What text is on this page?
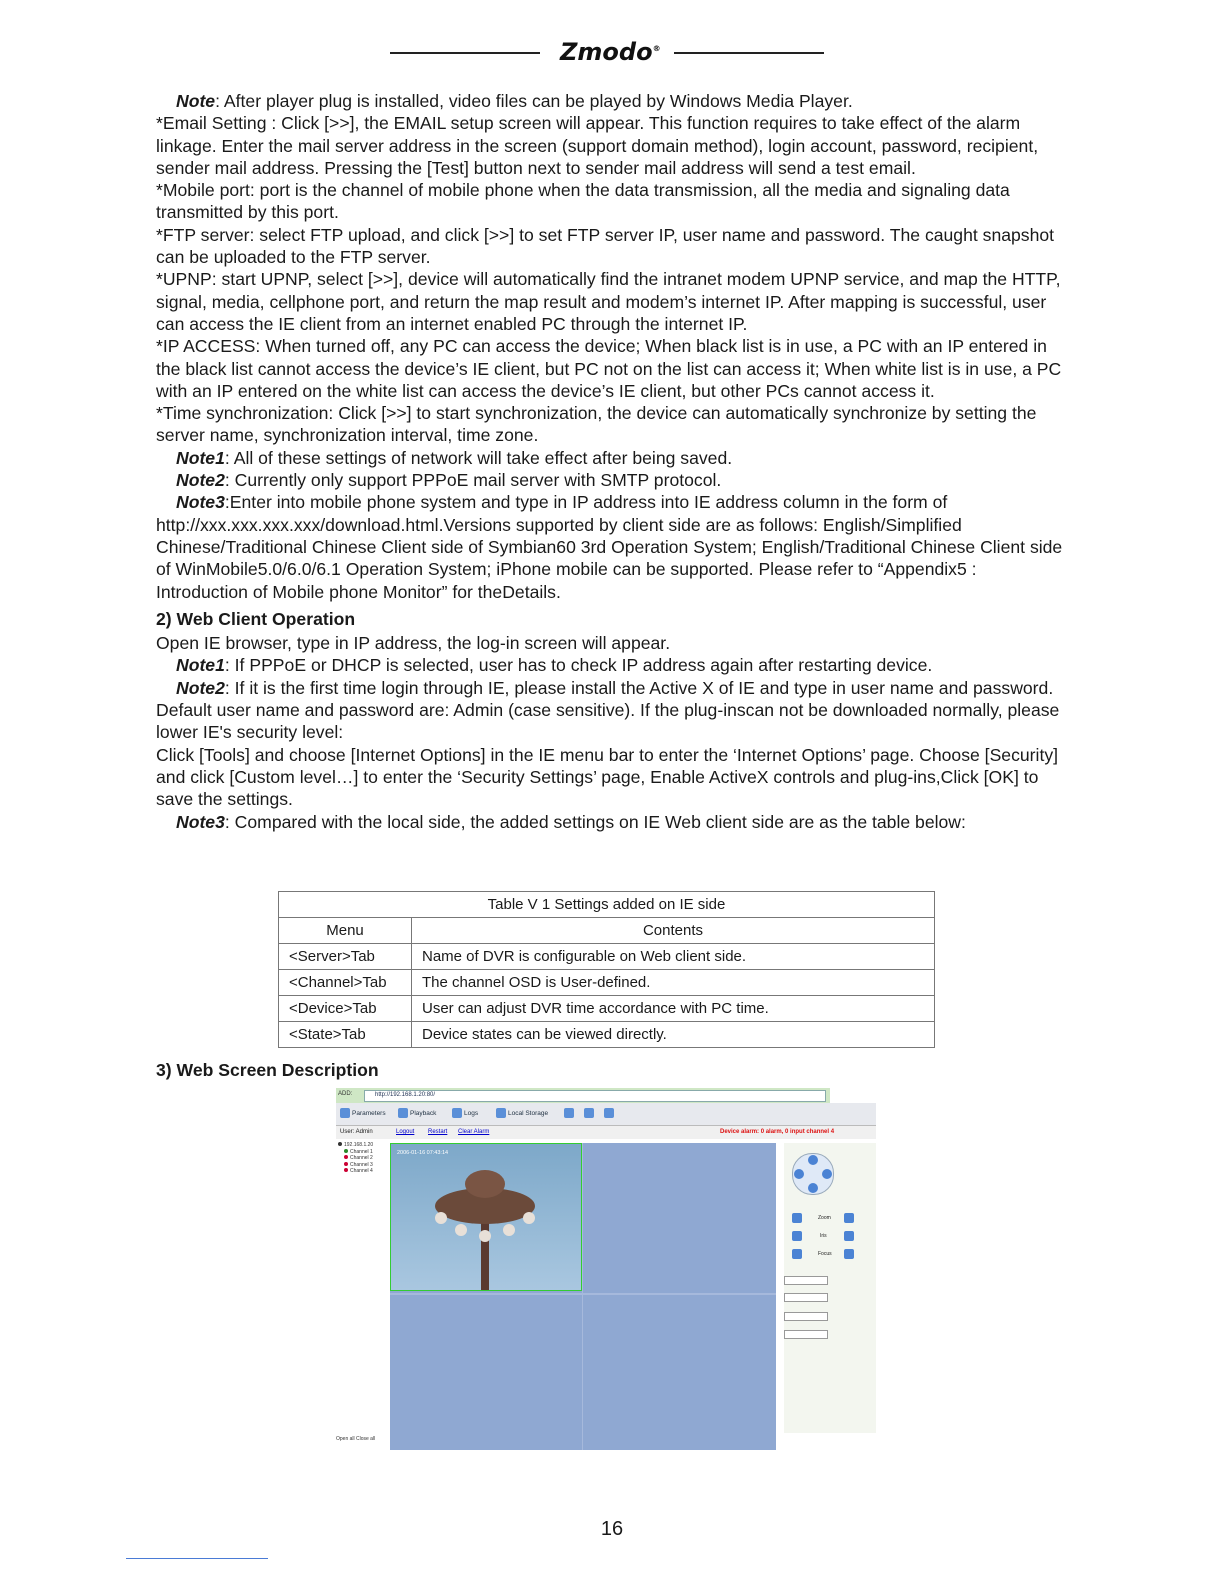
Zmodo®

Note: After player plug is installed, video files can be played by Windows Media Player.

*Email Setting : Click [>>], the EMAIL setup screen will appear. This function requires to take effect of the alarm linkage. Enter the mail server address in the screen (support domain method), login account, password, recipient, sender mail address. Pressing the [Test] button next to sender mail address will send a test email.

*Mobile port: port is the channel of mobile phone when the data transmission, all the media and signaling data transmitted by this port.

*FTP server: select FTP upload, and click [>>] to set FTP server IP, user name and password. The caught snapshot can be uploaded to the FTP server.

*UPNP: start UPNP, select [>>], device will automatically find the intranet modem UPNP service, and map the HTTP, signal, media, cellphone port, and return the map result and modem’s internet IP. After mapping is successful, user can access the IE client from an internet enabled PC through the internet IP.

*IP ACCESS: When turned off, any PC can access the device; When black list is in use, a PC with an IP entered in the black list cannot access the device’s IE client, but PC not on the list can access it; When white list is in use, a PC with an IP entered on the white list can access the device’s IE client, but other PCs cannot access it.

*Time synchronization: Click [>>] to start synchronization, the device can automatically synchronize by setting the server name, synchronization interval, time zone.

Note1: All of these settings of network will take effect after being saved.

Note2: Currently only support PPPoE mail server with SMTP protocol.

Note3:Enter into mobile phone system and type in IP address into IE address column in the form of http://xxx.xxx.xxx.xxx/download.html.Versions supported by client side are as follows: English/Simplified Chinese/Traditional Chinese Client side of Symbian60 3rd Operation System; English/Traditional Chinese Client side of WinMobile5.0/6.0/6.1 Operation System; iPhone mobile can be supported. Please refer to “Appendix5 : Introduction of Mobile phone Monitor” for theDetails.

2) Web Client Operation

Open IE browser, type in IP address, the log-in screen will appear.

Note1: If PPPoE or DHCP is selected, user has to check IP address again after restarting device.

Note2: If it is the first time login through IE, please install the Active X of IE and type in user name and password. Default user name and password are: Admin (case sensitive). If the plug-inscan not be downloaded normally, please lower IE's security level:

Click [Tools] and choose [Internet Options] in the IE menu bar to enter the ‘Internet Options’ page. Choose [Security] and click [Custom level…] to enter the ‘Security Settings’ page, Enable ActiveX controls and plug-ins,Click [OK] to save the settings.

Note3: Compared with the local side, the added settings on IE Web client side are as the table below:

Table V 1 Settings added on IE side	
Menu	Contents
<Server>Tab	Name of DVR is configurable on Web client side.
<Channel>Tab	The channel OSD is User-defined.
<Device>Tab	User can adjust DVR time accordance with PC time.
<State>Tab	Device states can be viewed directly.
3) Web Screen Description
ADD:	http://192.168.1.20:80/
Parameters	Playback	Logs	Local Storage
User: Admin	Logout Restart Clear Alarm	Device alarm: 0 alarm, 0 input channel 4
192.168.1.20
Channel 1
Channel 2
Channel 3
Channel 4
2006-01-16 07:43:14
Zoom
Iris
Focus
Open all Close all
16
